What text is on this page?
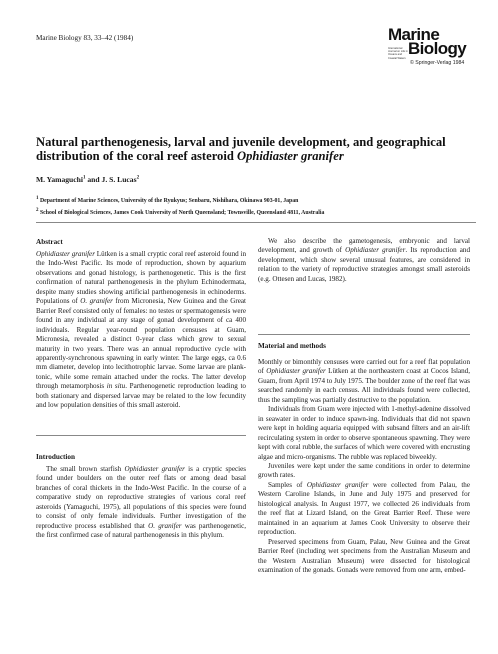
Marine Biology 83, 33–42 (1984)	Marine
Biology
International Journal on Life in Oceans and Coastal Waters
© Springer-Verlag 1984
Natural parthenogenesis, larval and juvenile development, and geographical distribution of the coral reef asteroid Ophidiaster granifer
M. Yamaguchi$^1$ and J. S. Lucas$^2$
$^1$ Department of Marine Sciences, University of the Ryukyus; Senbaru, Nishihara, Okinawa 903-01, Japan
$^2$ School of Biological Sciences, James Cook University of North Queensland; Townsville, Queensland 4811, Australia
Abstract

Ophidiaster granifer Lütken is a small cryptic coral reef asteroid found in the Indo-West Pacific. Its mode of reproduction, shown by aquarium observations and gonad histology, is parthenogenetic. This is the first confirmation of natural parthenogenesis in the phylum Echinodermata, despite many studies showing artificial parthenogenesis in echinoderms. Populations of O. granifer from Micronesia, New Guinea and the Great Barrier Reef consisted only of females: no testes or spermatogenesis were found in any individual at any stage of gonad development of ca 400 individuals. Regular year-round population censuses at Guam, Micronesia, revealed a distinct 0-year class which grew to sexual maturity in two years. There was an annual reproductive cycle with apparently-synchronous spawning in early winter. The large eggs, ca 0.6 mm diameter, develop into lecithotrophic larvae. Some larvae are plank-tonic, while some remain attached under the rocks. The latter develop through metamorphosis in situ. Parthenogenetic reproduction leading to both stationary and dispersed larvae may be related to the low fecundity and low population densities of this small asteroid.

Introduction

The small brown starfish Ophidiaster granifer is a cryptic species found under boulders on the outer reef flats or among dead basal branches of coral thickets in the Indo-West Pacific. In the course of a comparative study on reproductive strategies of various coral reef asteroids (Yamaguchi, 1975), all populations of this species were found to consist of only female individuals. Further investigation of the reproductive process established that O. granifer was parthenogenetic, the first confirmed case of natural parthenogenesis in this phylum.

We also describe the gametogenesis, embryonic and larval development, and growth of Ophidiaster granifer. Its reproduction and development, which show several unusual features, are considered in relation to the variety of reproductive strategies amongst small asteroids (e.g. Ottesen and Lucas, 1982).

Material and methods

Monthly or bimonthly censuses were carried out for a reef flat population of Ophidiaster granifer Lütken at the northeastern coast at Cocos Island, Guam, from April 1974 to July 1975. The boulder zone of the reef flat was searched randomly in each census. All individuals found were collected, thus the sampling was partially destructive to the population.

Individuals from Guam were injected with 1-methyl-adenine dissolved in seawater in order to induce spawn-ing. Individuals that did not spawn were kept in holding aquaria equipped with subsand filters and an air-lift recirculating system in order to observe spontaneous spawning. They were kept with coral rubble, the surfaces of which were covered with encrusting algae and micro-organisms. The rubble was replaced biweekly.

Juveniles were kept under the same conditions in order to determine growth rates.

Samples of Ophidiaster granifer were collected from Palau, the Western Caroline Islands, in June and July 1975 and preserved for histological analysis. In August 1977, we collected 26 individuals from the reef flat at Lizard Island, on the Great Barrier Reef. These were maintained in an aquarium at James Cook University to observe their reproduction.

Preserved specimens from Guam, Palau, New Guinea and the Great Barrier Reef (including wet specimens from the Australian Museum and the Western Australian Museum) were dissected for histological examination of the gonads. Gonads were removed from one arm, embed-
